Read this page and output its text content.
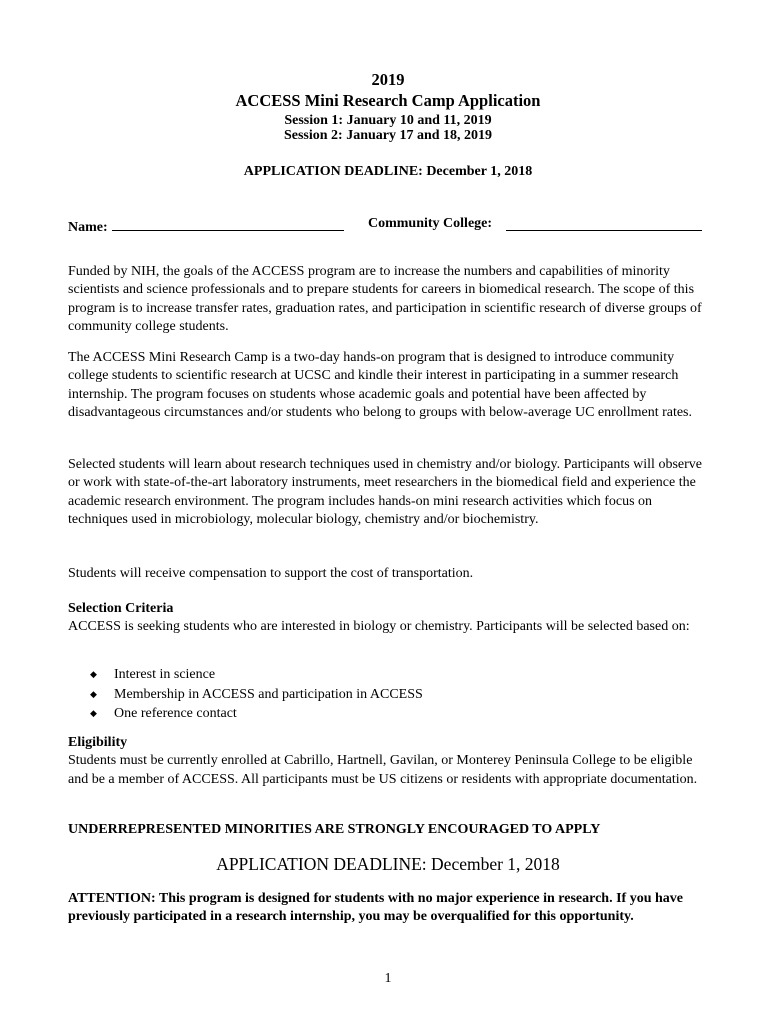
2019
ACCESS Mini Research Camp Application
Session 1: January 10 and 11, 2019
Session 2: January 17 and 18, 2019
APPLICATION DEADLINE: December 1, 2018
Name:	Community College:
Funded by NIH, the goals of the ACCESS program are to increase the numbers and capabilities of minority scientists and science professionals and to prepare students for careers in biomedical research. The scope of this program is to increase transfer rates, graduation rates, and participation in scientific research of diverse groups of community college students.
The ACCESS Mini Research Camp is a two-day hands-on program that is designed to introduce community college students to scientific research at UCSC and kindle their interest in participating in a summer research internship. The program focuses on students whose academic goals and potential have been affected by disadvantageous circumstances and/or students who belong to groups with below-average UC enrollment rates.
Selected students will learn about research techniques used in chemistry and/or biology. Participants will observe or work with state-of-the-art laboratory instruments, meet researchers in the biomedical field and experience the academic research environment. The program includes hands-on mini research activities which focus on techniques used in microbiology, molecular biology, chemistry and/or biochemistry.
Students will receive compensation to support the cost of transportation.
Selection Criteria
ACCESS is seeking students who are interested in biology or chemistry. Participants will be selected based on:
◆ Interest in science
◆ Membership in ACCESS and participation in ACCESS
◆ One reference contact
Eligibility
Students must be currently enrolled at Cabrillo, Hartnell, Gavilan, or Monterey Peninsula College to be eligible and be a member of ACCESS. All participants must be US citizens or residents with appropriate documentation.
UNDERREPRESENTED MINORITIES ARE STRONGLY ENCOURAGED TO APPLY
APPLICATION DEADLINE: December 1, 2018
ATTENTION: This program is designed for students with no major experience in research. If you have previously participated in a research internship, you may be overqualified for this opportunity.
1
